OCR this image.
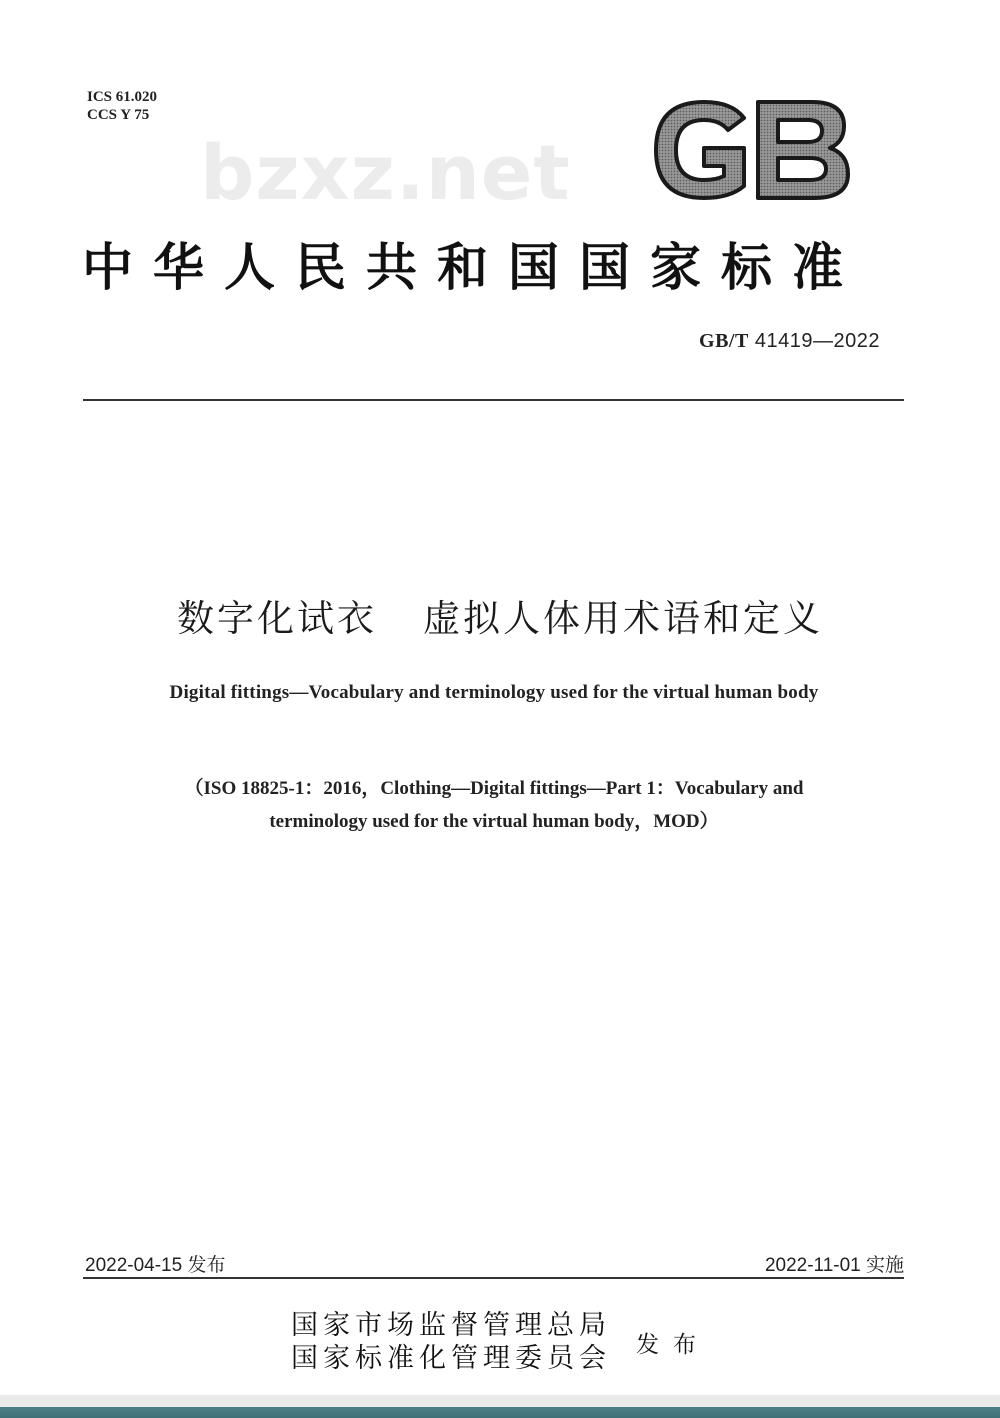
ICS 61.020
CCS Y 75
bzxz.net
中华人民共和国国家标准
GB/T 41419—2022
数字化试衣 虚拟人体用术语和定义
Digital fittings—Vocabulary and terminology used for the virtual human body
（ISO 18825-1：2016，Clothing—Digital fittings—Part 1：Vocabulary and
terminology used for the virtual human body，MOD）
2022-04-15 发布	2022-11-01 实施
国家市场监督管理总局
国家标准化管理委员会 发布
